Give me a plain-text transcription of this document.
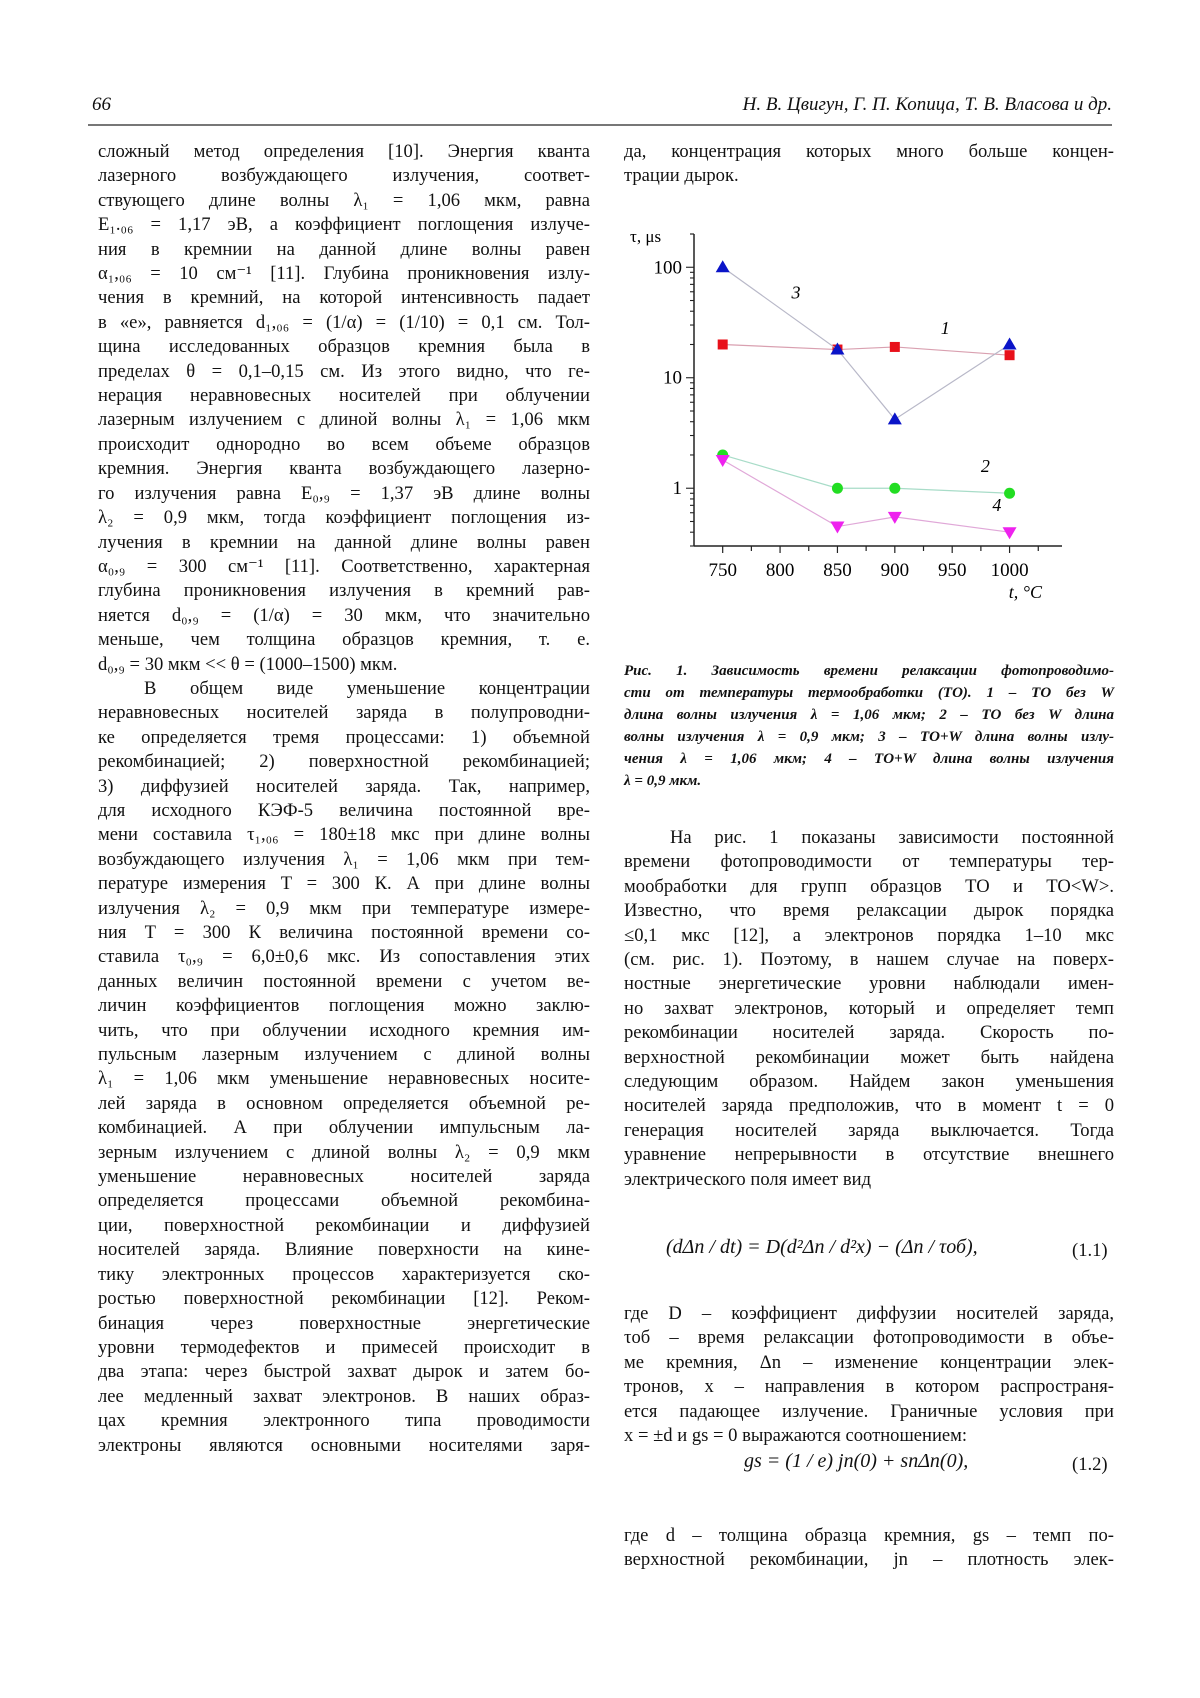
66	Н. В. Цвигун, Г. П. Копица, Т. В. Власова и др.
сложный метод определения [10]. Энергия кванта
лазерного возбуждающего излучения, соответ-
ствующего длине волны λ₁ = 1,06 мкм, равна
E₁.₀₆ = 1,17 эВ, а коэффициент поглощения излуче-
ния в кремнии на данной длине волны равен
α₁,₀₆ = 10 см⁻¹ [11]. Глубина проникновения излу-
чения в кремний, на которой интенсивность падает
в «e», равняется d₁,₀₆ = (1/α) = (1/10) = 0,1 см. Тол-
щина исследованных образцов кремния была в
пределах θ = 0,1–0,15 см. Из этого видно, что ге-
нерация неравновесных носителей при облучении
лазерным излучением с длиной волны λ₁ = 1,06 мкм
происходит однородно во всем объеме образцов
кремния. Энергия кванта возбуждающего лазерно-
го излучения равна E₀,₉ = 1,37 эВ длине волны
λ₂ = 0,9 мкм, тогда коэффициент поглощения из-
лучения в кремнии на данной длине волны равен
α₀,₉ = 300 см⁻¹ [11]. Соответственно, характерная
глубина проникновения излучения в кремний рав-
няется d₀,₉ = (1/α) = 30 мкм, что значительно
меньше, чем толщина образцов кремния, т. е.
d₀,₉ = 30 мкм << θ = (1000–1500) мкм.
В общем виде уменьшение концентрации
неравновесных носителей заряда в полупроводни-
ке определяется тремя процессами: 1) объемной
рекомбинацией; 2) поверхностной рекомбинацией;
3) диффузией носителей заряда. Так, например,
для исходного КЭФ-5 величина постоянной вре-
мени составила τ₁,₀₆ = 180±18 мкс при длине волны
возбуждающего излучения λ₁ = 1,06 мкм при тем-
пературе измерения T = 300 К. А при длине волны
излучения λ₂ = 0,9 мкм при температуре измере-
ния T = 300 К величина постоянной времени со-
ставила τ₀,₉ = 6,0±0,6 мкс. Из сопоставления этих
данных величин постоянной времени с учетом ве-
личин коэффициентов поглощения можно заклю-
чить, что при облучении исходного кремния им-
пульсным лазерным излучением с длиной волны
λ₁ = 1,06 мкм уменьшение неравновесных носите-
лей заряда в основном определяется объемной ре-
комбинацией. А при облучении импульсным ла-
зерным излучением с длиной волны λ₂ = 0,9 мкм
уменьшение неравновесных носителей заряда
определяется процессами объемной рекомбина-
ции, поверхностной рекомбинации и диффузией
носителей заряда. Влияние поверхности на кине-
тику электронных процессов характеризуется ско-
ростью поверхностной рекомбинации [12]. Реком-
бинация через поверхностные энергетические
уровни термодефектов и примесей происходит в
два этапа: через быстрой захват дырок и затем бо-
лее медленный захват электронов. В наших образ-
цах кремния электронного типа проводимости
электроны являются основными носителями заря-
да, концентрация которых много больше концен-
трации дырок.
τ, μs
t, °C
750 800 850 900 950 1000
1
10
100
3
1
2
4
Рис. 1. Зависимость времени релаксации фотопроводимо-
сти от температуры термообработки (ТО). 1 – ТО без W
длина волны излучения λ = 1,06 мкм; 2 – ТО без W длина
волны излучения λ = 0,9 мкм; 3 – ТО+W длина волны излу-
чения λ = 1,06 мкм; 4 – ТО+W длина волны излучения
λ = 0,9 мкм.
На рис. 1 показаны зависимости постоянной
времени фотопроводимости от температуры тер-
мообработки для групп образцов ТО и ТО<W>.
Известно, что время релаксации дырок порядка
≤0,1 мкс [12], а электронов порядка 1–10 мкс
(см. рис. 1). Поэтому, в нашем случае на поверх-
ностные энергетические уровни наблюдали имен-
но захват электронов, который и определяет темп
рекомбинации носителей заряда. Скорость по-
верхностной рекомбинации может быть найдена
следующим образом. Найдем закон уменьшения
носителей заряда предположив, что в момент t = 0
генерация носителей заряда выключается. Тогда
уравнение непрерывности в отсутствие внешнего
электрического поля имеет вид
(dΔn / dt) = D(d²Δn / d²x) − (Δn / τоб),	(1.1)
где D – коэффициент диффузии носителей заряда,
τоб – время релаксации фотопроводимости в объе-
ме кремния, Δn – изменение концентрации элек-
тронов, x – направления в котором распространя-
ется падающее излучение. Граничные условия при
x = ±d и gs = 0 выражаются соотношением:
gs = (1 / e) jn(0) + snΔn(0),	(1.2)
где d – толщина образца кремния, gs – темп по-
верхностной рекомбинации, jn – плотность элек-
